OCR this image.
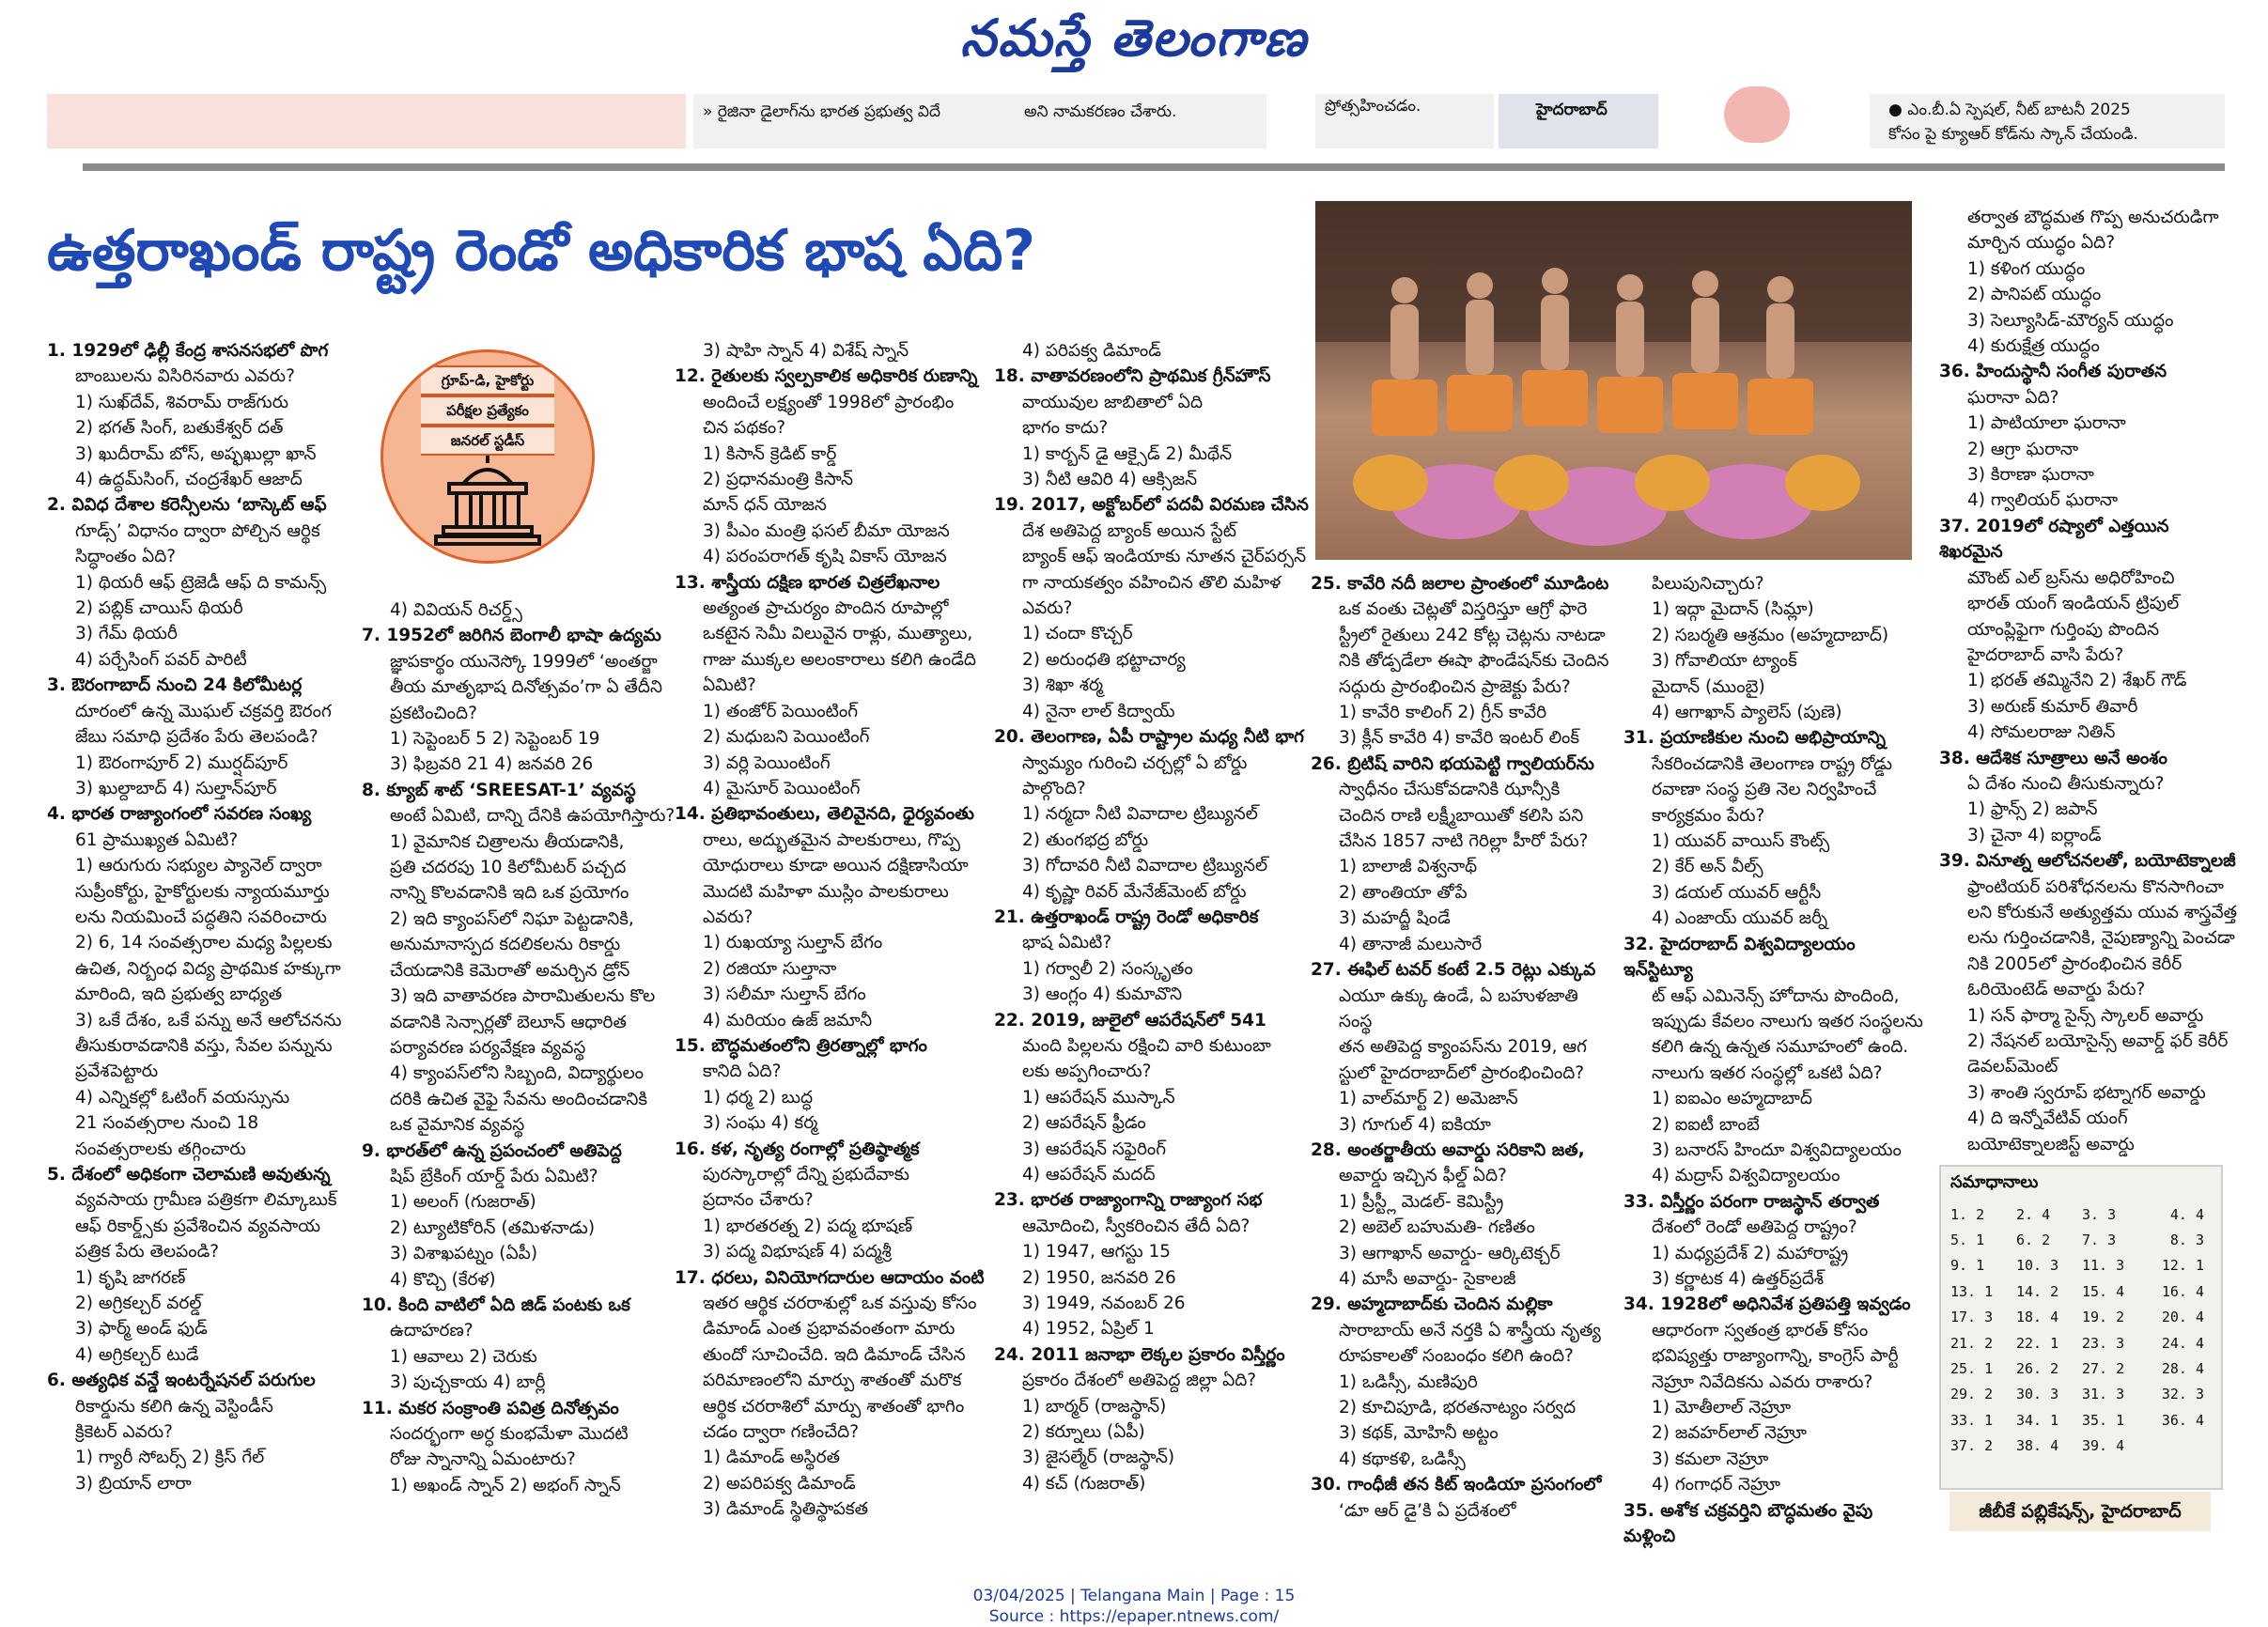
నమస్తే తెలంగాణ
» రైజినా డైలాగ్‌ను భారత ప్రభుత్వ విదే	అని నామకరణం చేశారు.	ప్రోత్సహించడం.	హైదరాబాద్	● ఎం.బీ.ఏ స్పెషల్, నీట్ బాటనీ 2025
కోసం పై క్యూఆర్ కోడ్‌ను స్కాన్ చేయండి.
ఉత్తరాఖండ్ రాష్ట్ర రెండో అధికారిక భాష ఏది?
గ్రూప్-డి, హైకోర్టు
పరీక్షల ప్రత్యేకం
జనరల్ స్టడీస్

1. 1929లో ఢిల్లీ కేంద్ర శాసనసభలో పొగ

బాంబులను విసిరినవారు ఎవరు?

1) సుఖ్‌దేవ్, శివరామ్ రాజ్‌గురు

2) భగత్ సింగ్, బతుకేశ్వర్ దత్

3) ఖుదీరామ్ బోస్, అష్ఫఖుల్లా ఖాన్

4) ఉద్ధమ్‌సింగ్, చంద్రశేఖర్ ఆజాద్

2. వివిధ దేశాల కరెన్సీలను ‘బాస్కెట్ ఆఫ్

గూడ్స్’ విధానం ద్వారా పోల్చిన ఆర్థిక

సిద్ధాంతం ఏది?

1) థియరీ ఆఫ్ ట్రెజెడీ ఆఫ్ ది కామన్స్

2) పబ్లిక్ చాయిస్ థియరీ

3) గేమ్ థియరీ

4) పర్చేసింగ్ పవర్ పారిటీ

3. ఔరంగాబాద్ నుంచి 24 కిలోమీటర్ల

దూరంలో ఉన్న మొఘల్ చక్రవర్తి ఔరంగ

జేబు సమాధి ప్రదేశం పేరు తెలపండి?

1) ఔరంగాపూర్ 2) ముర్షద్‌పూర్

3) ఖుల్దాబాద్ 4) సుల్తాన్‌పూర్

4. భారత రాజ్యాంగంలో సవరణ సంఖ్య

61 ప్రాముఖ్యత ఏమిటి?

1) ఆరుగురు సభ్యుల ప్యానెల్ ద్వారా

సుప్రీంకోర్టు, హైకోర్టులకు న్యాయమూర్తు

లను నియమించే పద్ధతిని సవరించారు

2) 6, 14 సంవత్సరాల మధ్య పిల్లలకు

ఉచిత, నిర్బంధ విద్య ప్రాథమిక హక్కుగా

మారింది, ఇది ప్రభుత్వ బాధ్యత

3) ఒకే దేశం, ఒకే పన్ను అనే ఆలోచనను

తీసుకురావడానికి వస్తు, సేవల పన్నును

ప్రవేశపెట్టారు

4) ఎన్నికల్లో ఓటింగ్ వయస్సును

21 సంవత్సరాల నుంచి 18

సంవత్సరాలకు తగ్గించారు

5. దేశంలో అధికంగా చెలామణి అవుతున్న

వ్యవసాయ గ్రామీణ పత్రికగా లిమ్కాబుక్

ఆఫ్ రికార్డ్స్‌కు ప్రవేశించిన వ్యవసాయ

పత్రిక పేరు తెలపండి?

1) కృషి జాగరణ్

2) అగ్రికల్చర్ వరల్డ్

3) ఫార్మ్ అండ్ ఫుడ్

4) అగ్రికల్చర్ టుడే

6. అత్యధిక వన్డే ఇంటర్నేషనల్ పరుగుల

రికార్డును కలిగి ఉన్న వెస్టిండీస్

క్రికెటర్ ఎవరు?

1) గ్యారీ సోబర్స్ 2) క్రిస్ గేల్

3) బ్రియాన్ లారా

4) వివియన్ రిచర్డ్స్

7. 1952లో జరిగిన బెంగాలీ భాషా ఉద్యమ

జ్ఞాపకార్థం యునెస్కో 1999లో ‘అంతర్జా

తీయ మాతృభాష దినోత్సవం’గా ఏ తేదీని

ప్రకటించింది?

1) సెప్టెంబర్ 5 2) సెప్టెంబర్ 19

3) ఫిబ్రవరి 21 4) జనవరి 26

8. క్యూబ్ శాట్ ‘SREESAT-1’ వ్యవస్థ

అంటే ఏమిటి, దాన్ని దేనికి ఉపయోగిస్తారు?

1) వైమానిక చిత్రాలను తీయడానికి,

ప్రతి చదరపు 10 కిలోమీటర్ పచ్చద

నాన్ని కొలవడానికి ఇది ఒక ప్రయోగం

2) ఇది క్యాంపస్‌లో నిఘా పెట్టడానికి,

అనుమానాస్పద కదలికలను రికార్డు

చేయడానికి కెమెరాతో అమర్చిన డ్రోన్

3) ఇది వాతావరణ పారామితులను కొల

వడానికి సెన్సార్లతో బెలూన్ ఆధారిత

పర్యావరణ పర్యవేక్షణ వ్యవస్థ

4) క్యాంపస్‌లోని సిబ్బంది, విద్యార్థులం

దరికి ఉచిత వైఫై సేవను అందించడానికి

ఒక వైమానిక వ్యవస్థ

9. భారత్‌లో ఉన్న ప్రపంచంలో అతిపెద్ద

షిప్ బ్రేకింగ్ యార్డ్ పేరు ఏమిటి?

1) అలంగ్ (గుజరాత్)

2) ట్యూటికోరిన్ (తమిళనాడు)

3) విశాఖపట్నం (ఏపీ)

4) కొచ్చి (కేరళ)

10. కింది వాటిలో ఏది జిడ్ పంటకు ఒక

ఉదాహరణ?

1) ఆవాలు 2) చెరుకు

3) పుచ్చకాయ 4) బార్లీ

11. మకర సంక్రాంతి పవిత్ర దినోత్సవం

సందర్భంగా అర్ధ కుంభమేళా మొదటి

రోజు స్నానాన్ని ఏమంటారు?

1) అఖండ్ స్నాన్ 2) అభంగ్ స్నాన్

3) షాహి స్నాన్ 4) విశేష్ స్నాన్

12. రైతులకు స్వల్పకాలిక అధికారిక రుణాన్ని

అందించే లక్ష్యంతో 1998లో ప్రారంభిం

చిన పథకం?

1) కిసాన్ క్రెడిట్ కార్డ్

2) ప్రధానమంత్రి కిసాన్

మాన్ ధన్ యోజన

3) పీఎం మంత్రి ఫసల్ బీమా యోజన

4) పరంపరాగత్ కృషి వికాస్ యోజన

13. శాస్త్రీయ దక్షిణ భారత చిత్రలేఖనాల

అత్యంత ప్రాచుర్యం పొందిన రూపాల్లో

ఒకటైన సెమీ విలువైన రాళ్లు, ముత్యాలు,

గాజు ముక్కల అలంకారాలు కలిగి ఉండేది

ఏమిటి?

1) తంజోర్ పెయింటింగ్

2) మధుబని పెయింటింగ్

3) వర్లి పెయింటింగ్

4) మైసూర్ పెయింటింగ్

14. ప్రతిభావంతులు, తెలివైనది, ధైర్యవంతు

రాలు, అద్భుతమైన పాలకురాలు, గొప్ప

యోధురాలు కూడా అయిన దక్షిణాసియా

మొదటి మహిళా ముస్లిం పాలకురాలు ఎవరు?

1) రుఖయ్యా సుల్తాన్ బేగం

2) రజియా సుల్తానా

3) సలీమా సుల్తాన్ బేగం

4) మరియం ఉజ్ జమానీ

15. బౌద్ధమతంలోని త్రిరత్నాల్లో భాగం

కానిది ఏది?

1) ధర్మ 2) బుద్ధ

3) సంఘ 4) కర్మ

16. కళ, నృత్య రంగాల్లో ప్రతిష్ఠాత్మక

పురస్కారాల్లో దేన్ని ప్రభుదేవాకు

ప్రదానం చేశారు?

1) భారతరత్న 2) పద్మ భూషణ్

3) పద్మ విభూషణ్ 4) పద్మశ్రీ

17. ధరలు, వినియోగదారుల ఆదాయం వంటి

ఇతర ఆర్థిక చరరాశుల్లో ఒక వస్తువు కోసం

డిమాండ్ ఎంత ప్రభావవంతంగా మారు

తుందో సూచించేది. ఇది డిమాండ్ చేసిన

పరిమాణంలోని మార్పు శాతంతో మరొక

ఆర్థిక చరరాశిలో మార్పు శాతంతో భాగిం

చడం ద్వారా గణించేది?

1) డిమాండ్ అస్థిరత

2) అపరిపక్వ డిమాండ్

3) డిమాండ్ స్థితిస్థాపకత

4) పరిపక్వ డిమాండ్

18. వాతావరణంలోని ప్రాథమిక గ్రీన్‌హౌస్

వాయువుల జాబితాలో ఏది

భాగం కాదు?

1) కార్బన్ డై ఆక్సైడ్ 2) మీథేన్

3) నీటి ఆవిరి 4) ఆక్సిజన్

19. 2017, అక్టోబర్‌లో పదవీ విరమణ చేసిన

దేశ అతిపెద్ద బ్యాంక్ అయిన స్టేట్

బ్యాంక్ ఆఫ్ ఇండియాకు నూతన చైర్‌పర్సన్

గా నాయకత్వం వహించిన తొలి మహిళ

ఎవరు?

1) చందా కొచ్చర్

2) అరుంధతి భట్టాచార్య

3) శిఖా శర్మ

4) నైనా లాల్ కిద్వాయ్

20. తెలంగాణ, ఏపీ రాష్ట్రాల మధ్య నీటి భాగ

స్వామ్యం గురించి చర్చల్లో ఏ బోర్డు

పాల్గొంది?

1) నర్మదా నీటి వివాదాల ట్రిబ్యునల్

2) తుంగభద్ర బోర్డు

3) గోదావరి నీటి వివాదాల ట్రిబ్యునల్

4) కృష్ణా రివర్ మేనేజ్‌మెంట్ బోర్డు

21. ఉత్తరాఖండ్ రాష్ట్ర రెండో అధికారిక

భాష ఏమిటి?

1) గర్వాలీ 2) సంస్కృతం

3) ఆంగ్లం 4) కుమావొని

22. 2019, జులైలో ఆపరేషన్‌లో 541

మంది పిల్లలను రక్షించి వారి కుటుంబా

లకు అప్పగించారు?

1) ఆపరేషన్ ముస్కాన్

2) ఆపరేషన్ ఫ్రీడం

3) ఆపరేషన్ సఫైరింగ్

4) ఆపరేషన్ మదద్

23. భారత రాజ్యాంగాన్ని రాజ్యాంగ సభ

ఆమోదించి, స్వీకరించిన తేదీ ఏది?

1) 1947, ఆగస్టు 15

2) 1950, జనవరి 26

3) 1949, నవంబర్ 26

4) 1952, ఏప్రిల్ 1

24. 2011 జనాభా లెక్కల ప్రకారం విస్తీర్ణం

ప్రకారం దేశంలో అతిపెద్ద జిల్లా ఏది?

1) బార్మర్ (రాజస్థాన్)

2) కర్నూలు (ఏపీ)

3) జైసల్మేర్ (రాజస్థాన్)

4) కచ్ (గుజరాత్)

25. కావేరి నదీ జలాల ప్రాంతంలో మూడింట

ఒక వంతు చెట్లతో విస్తరిస్తూ ఆగ్రో ఫారె

స్ట్రీలో రైతులు 242 కోట్ల చెట్లను నాటడా

నికి తోడ్పడేలా ఈషా ఫౌండేషన్‌కు చెందిన

సద్గురు ప్రారంభించిన ప్రాజెక్టు పేరు?

1) కావేరి కాలింగ్ 2) గ్రీన్ కావేరి

3) క్లీన్ కావేరి 4) కావేరి ఇంటర్ లింక్

26. బ్రిటిష్ వారిని భయపెట్టి గ్వాలియర్‌ను

స్వాధీనం చేసుకోవడానికి ఝాన్సీకి

చెందిన రాణి లక్ష్మీబాయితో కలిసి పని

చేసిన 1857 నాటి గెరిల్లా హీరో పేరు?

1) బాలాజీ విశ్వనాథ్

2) తాంతియా తోపే

3) మహద్జీ షిండే

4) తానాజీ మలుసారే

27. ఈఫిల్ టవర్ కంటే 2.5 రెట్లు ఎక్కువ

ఎయూ ఉక్కు ఉండే, ఏ బహుళజాతి సంస్థ

తన అతిపెద్ద క్యాంపస్‌ను 2019, ఆగ

స్టులో హైదరాబాద్‌లో ప్రారంభించింది?

1) వాల్‌మార్ట్ 2) అమెజాన్

3) గూగుల్ 4) ఐకియా

28. అంతర్జాతీయ అవార్డు సరికాని జత,

అవార్డు ఇచ్చిన ఫీల్డ్ ఏది?

1) ప్రీస్ట్లీ మెడల్- కెమిస్ట్రీ

2) అబెల్ బహుమతి- గణితం

3) ఆగాఖాన్ అవార్డు- ఆర్కిటెక్చర్

4) మాసీ అవార్డు- సైకాలజీ

29. అహ్మదాబాద్‌కు చెందిన మల్లికా

సారాబాయ్ అనే నర్తకి ఏ శాస్త్రీయ నృత్య

రూపకాలతో సంబంధం కలిగి ఉంది?

1) ఒడిస్సీ, మణిపురి

2) కూచిపూడి, భరతనాట్యం సర్వద

3) కథక్, మోహినీ అట్టం

4) కథాకళి, ఒడిస్సీ

30. గాంధీజీ తన కిట్ ఇండియా ప్రసంగంలో

‘డూ ఆర్ డై’కి ఏ ప్రదేశంలో

పిలుపునిచ్చారు?

1) ఇద్గా మైదాన్ (సిమ్లా)

2) సబర్మతి ఆశ్రమం (అహ్మదాబాద్)

3) గోవాలియా ట్యాంక్

మైదాన్ (ముంబై)

4) ఆగాఖాన్ ప్యాలెస్ (పుణె)

31. ప్రయాణికుల నుంచి అభిప్రాయాన్ని

సేకరించడానికి తెలంగాణ రాష్ట్ర రోడ్డు

రవాణా సంస్థ ప్రతి నెల నిర్వహించే

కార్యక్రమం పేరు?

1) యువర్ వాయిస్ కౌంట్స్

2) కేర్ అన్ వీల్స్

3) డయల్ యువర్ ఆర్టీసీ

4) ఎంజాయ్ యువర్ జర్నీ

32. హైదరాబాద్ విశ్వవిద్యాలయం ఇన్‌స్టిట్యూ

ట్ ఆఫ్ ఎమినెన్స్ హోదాను పొందింది,

ఇప్పుడు కేవలం నాలుగు ఇతర సంస్థలను

కలిగి ఉన్న ఉన్నత సమూహంలో ఉంది.

నాలుగు ఇతర సంస్థల్లో ఒకటి ఏది?

1) ఐఐఎం అహ్మదాబాద్

2) ఐఐటీ బాంబే

3) బనారస్ హిందూ విశ్వవిద్యాలయం

4) మద్రాస్ విశ్వవిద్యాలయం

33. విస్తీర్ణం పరంగా రాజస్థాన్ తర్వాత

దేశంలో రెండో అతిపెద్ద రాష్ట్రం?

1) మధ్యప్రదేశ్ 2) మహారాష్ట్ర

3) కర్ణాటక 4) ఉత్తర్‌ప్రదేశ్

34. 1928లో అధినివేశ ప్రతిపత్తి ఇవ్వడం

ఆధారంగా స్వతంత్ర భారత్ కోసం

భవిష్యత్తు రాజ్యాంగాన్ని, కాంగ్రెస్ పార్టీ

నెహ్రూ నివేదికను ఎవరు రాశారు?

1) మోతీలాల్ నెహ్రూ

2) జవహర్‌లాల్ నెహ్రూ

3) కమలా నెహ్రూ

4) గంగాధర్ నెహ్రూ

35. అశోక చక్రవర్తిని బౌద్ధమతం వైపు మళ్లించి

తర్వాత బౌద్ధమత గొప్ప అనుచరుడిగా

మార్చిన యుద్ధం ఏది?

1) కళింగ యుద్ధం

2) పానిపట్ యుద్ధం

3) సెల్యూసిడ్-మౌర్యన్ యుద్ధం

4) కురుక్షేత్ర యుద్ధం

36. హిందుస్థానీ సంగీత పురాతన

ఘరానా ఏది?

1) పాటియాలా ఘరానా

2) ఆగ్రా ఘరానా

3) కిరాణా ఘరానా

4) గ్వాలియర్ ఘరానా

37. 2019లో రష్యాలో ఎత్తయిన శిఖరమైన

మౌంట్ ఎల్ బ్రస్‌ను అధిరోహించి

భారత్ యంగ్ ఇండియన్ ట్రిపుల్

యాంప్లిఫైగా గుర్తింపు పొందిన

హైదరాబాద్ వాసి పేరు?

1) భరత్ తమ్మినేని 2) శేఖర్ గౌడ్

3) అరుణ్ కుమార్ తివారీ

4) సోమలరాజు నితిన్

38. ఆదేశిక సూత్రాలు అనే అంశం

ఏ దేశం నుంచి తీసుకున్నారు?

1) ఫ్రాన్స్ 2) జపాన్

3) చైనా 4) ఐర్లాండ్

39. వినూత్న ఆలోచనలతో, బయోటెక్నాలజీ

ఫ్రాంటియర్ పరిశోధనలను కొనసాగించా

లని కోరుకునే అత్యుత్తమ యువ శాస్త్రవేత్త

లను గుర్తించడానికి, నైపుణ్యాన్ని పెంచడా

నికి 2005లో ప్రారంభించిన కెరీర్

ఓరియెంటెడ్ అవార్డు పేరు?

1) సన్ ఫార్మా సైన్స్ స్కాలర్ అవార్డు

2) నేషనల్ బయోసైన్స్ అవార్డ్ ఫర్ కెరీర్

డెవలప్‌మెంట్

3) శాంతి స్వరూప్ భట్నాగర్ అవార్డు

4) ది ఇన్నోవేటివ్ యంగ్

బయోటెక్నాలజిస్ట్ అవార్డు

సమాధానాలు
1. 2	2. 4	3. 3	4. 4
5. 1	6. 2	7. 3	8. 3
9. 1	10. 3	11. 3	12. 1
13. 1	14. 2	15. 4	16. 4
17. 3	18. 4	19. 2	20. 4
21. 2	22. 1	23. 3	24. 4
25. 1	26. 2	27. 2	28. 4
29. 2	30. 3	31. 3	32. 3
33. 1	34. 1	35. 1	36. 4
37. 2	38. 4	39. 4	
జీబీకే పబ్లికేషన్స్, హైదరాబాద్
03/04/2025 | Telangana Main | Page : 15
Source : https://epaper.ntnews.com/
